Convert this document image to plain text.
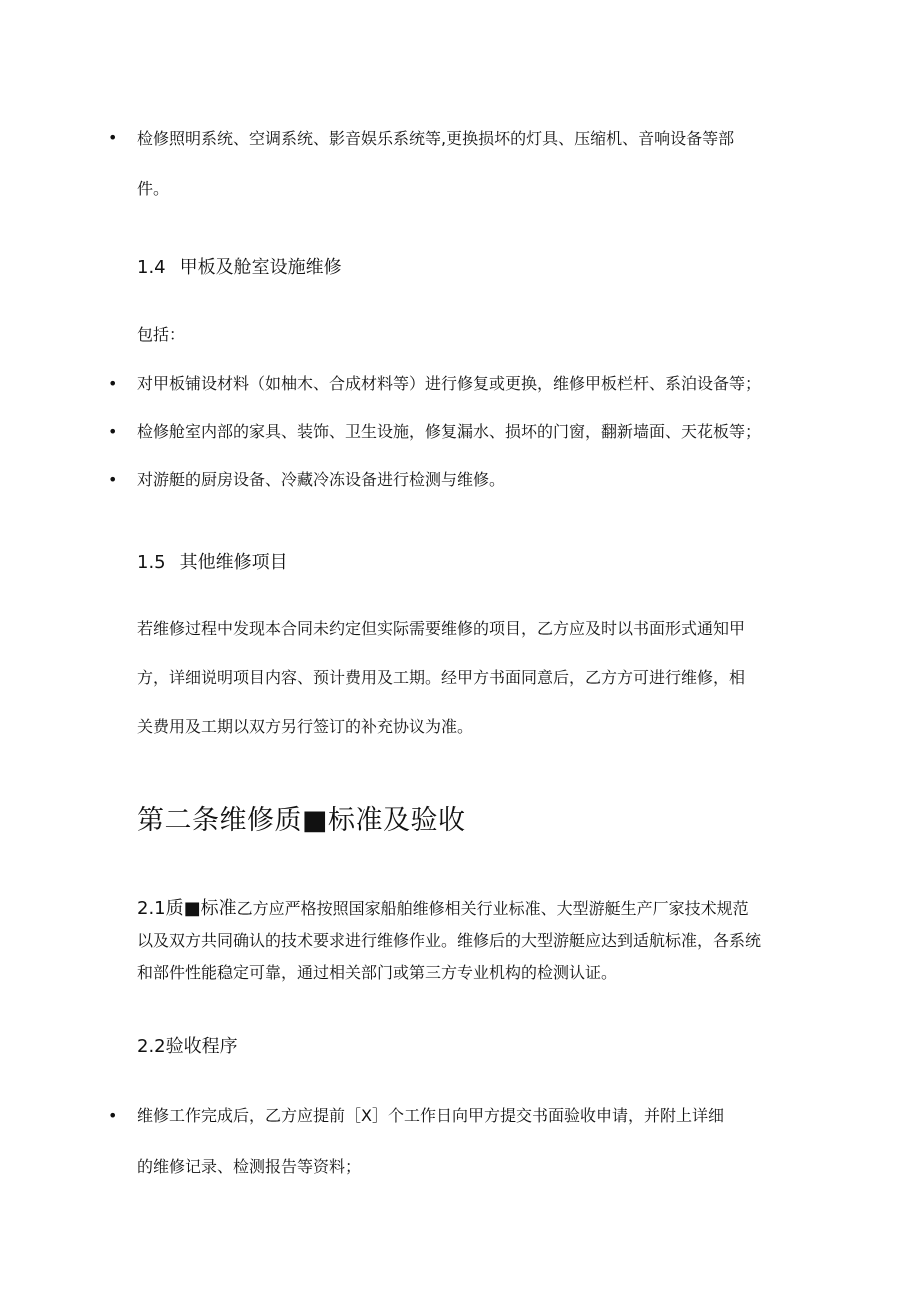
• 检修照明系统、空调系统、影音娱乐系统等,更换损坏的灯具、压缩机、音响设备等部

件。

1.4 甲板及舱室设施维修

包括：

• 对甲板铺设材料（如柚木、合成材料等）进行修复或更换，维修甲板栏杆、系泊设备等；

• 检修舱室内部的家具、装饰、卫生设施，修复漏水、损坏的门窗，翻新墙面、天花板等；

• 对游艇的厨房设备、冷藏冷冻设备进行检测与维修。

1.5 其他维修项目

若维修过程中发现本合同未约定但实际需要维修的项目，乙方应及时以书面形式通知甲

方，详细说明项目内容、预计费用及工期。经甲方书面同意后，乙方方可进行维修，相

关费用及工期以双方另行签订的补充协议为准。

第二条维修质■标准及验收

2.1质■标准乙方应严格按照国家船舶维修相关行业标准、大型游艇生产厂家技术规范

以及双方共同确认的技术要求进行维修作业。维修后的大型游艇应达到适航标准，各系统

和部件性能稳定可靠，通过相关部门或第三方专业机构的检测认证。

2.2验收程序
• 维修工作完成后，乙方应提前［X］个工作日向甲方提交书面验收申请，并附上详细

的维修记录、检测报告等资料；
